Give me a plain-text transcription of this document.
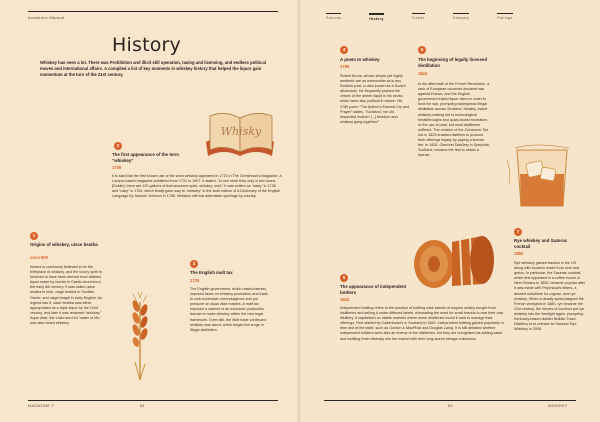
Academic Manual
History
Whiskey has seen a lot. There was Prohibition and illicit still operation, taxing and licensing, and endless political moves and international affairs. A compiled a list of key moments in whiskey history that helped the liquor gain momentum at the turn of the 21st century.
2
The first appearance of the term “whiskey”
1736
It is said that the first known use of the word whiskey appeared in 1715 in The Gentleman’s Magazine, a London-based magazine published from 1731 to 1907. It stated, “In one store they only in two towns [Dublin], there are 120 gallons of that accursed spirit, whiskey, sold.” It was written as “uisky” in 1736 and “usky” in 1754, which finally gave way to “whiskey” in the sixth edition of A Dictionary of the English Language by Samuel Johnson in 1785. Whiskey still has alternative spellings by country.
Whisky
1
Origins of whiskey, uisce beatha
circa 500
Ireland is commonly believed to be the birthplace of whiskey, and the luxury spirit is believed to have been derived from distilled liquor made by monks in Gaelic churches in the early 6th century. It was called uisce beatha in Irish, usige beatha in Scottish Gaelic, and uisge beagh in early English. As legend has it, uisce beatha was either appropriated as a triple liquor by the 12nd century, and later it was renamed “whiskey.” Aqua vitae, the Latin word for “water of life,” was also heard whiskey.
3
The English malt tax
1725
The English government, which raised interest, imposed taxes on whiskey production and trade to curb excessive overindulgence and put pressure on aqua vitae makers. A malt tax imposed a cabinet or an exclusive production license to make whiskey within the new legal framework. Even still, the illicit trade continued: whiskey was taxed, which began the surge in illegal distillation.
MAGAZINE F	64
Sources	History	Trends	Glossary	Pairings
4
A poem to whiskey
1785
Robert Burns, whose simple yet highly aesthetic are as memorable as is any Scottish poet, is also known as a Scotch aficionado. He frequently praised the virtues of the amber liquid in his works, which were also political in nature. His 1786 poem “The Author’s Earnest Cry and Prayer” states, “Scotland, me old, respected mother! [...] freedom and whiskey gang together!”
6
The beginning of legally licensed distillation
1824
In the aftermath of the French Revolution, a rash of European countries declared war against France, and the English government tripled liquor taxes in order to fund the war, prompting widespread illegal distillation across Scotland. Notably, sweet whiskey-making led to technological breakthroughs and quasi-tourist recreation, or the use of peat, but most distilleries suffered. The revision of the Consumer Tax Act in 1823 enabled distillers to produce their offerings legally by paying a license fee. In 1824, Glenlivet Distillery in Speyside, Scotland, became the first to obtain a license.
7
Rye whiskey and Sazerac cocktail
1850
Rye whiskey gained traction in the US along with bourbon made from corn and grains. In particular, the Sazerac cocktail, which first appeared in a coffee house in New Orleans in 1850, became popular after it was made with Peychaud’s bitters, a dessert substitute for cognac, and rye whiskey. When a deadly aphid plagued the French vineyards in 1880, rye became the 21st century, the heroes of bourbon put rye whiskey into the limelight again, prompting Kentucky-based distiller Buffalo Trace Distillery to re-release its Sazerac Rye Whiskey in 2006.
5
The appearance of independent bottlers
1842
Independent bottling refers to the practice of bottling cask barrels of surplus whisky bought from distilleries and selling it under different labels, eliminating the need for small brands to own their own distillery. It capitalised on visible markets where some distilleries found it hard to manage their offerings. First started by Cadenhead’s in Scotland in 1842, independent bottling gained popularity in time and at the table, such as Gordon & MacPhail and Douglas Laing. It is still debated whether independent bottlers were also an enemy of the distilleries, but they are recognised as adding value and instilling fresh diversity into the market with their long-stored vintage collections.
65	WHISKEY
